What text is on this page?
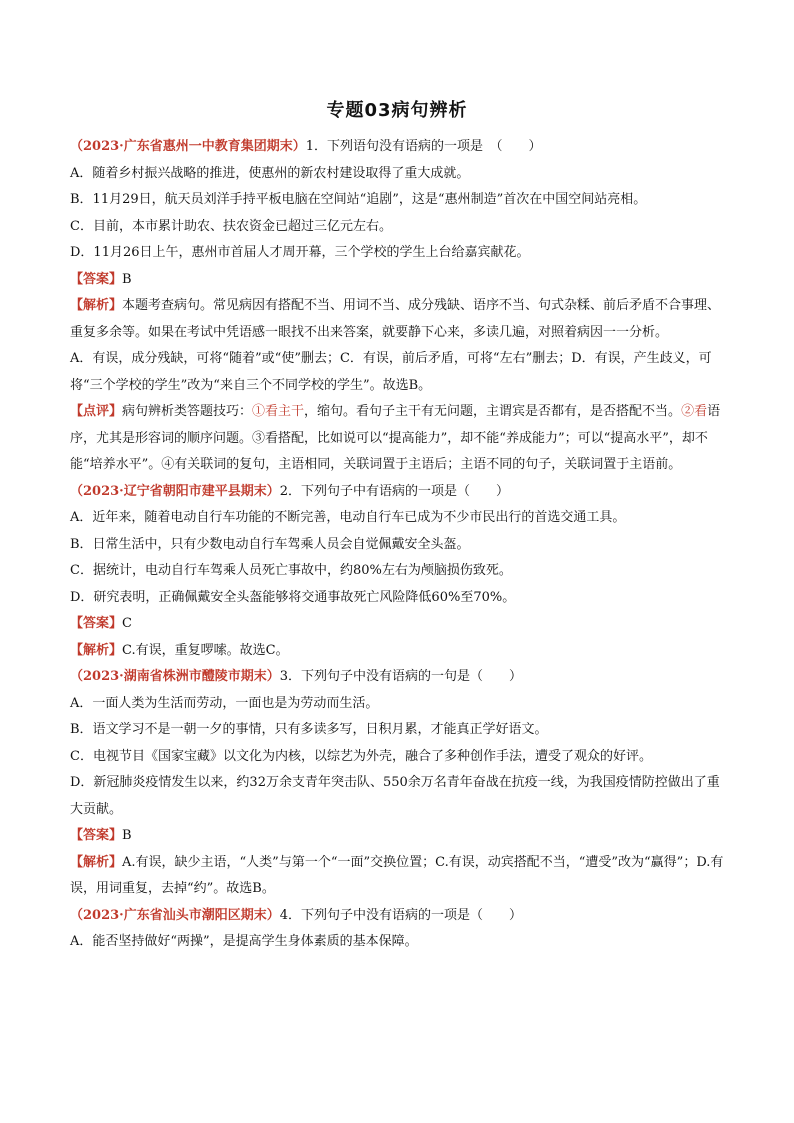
专题03病句辨析

（2023·广东省惠州一中教育集团期末）1．下列语句没有语病的一项是　（　　）

A．随着乡村振兴战略的推进，使惠州的新农村建设取得了重大成就。

B．11月29日，航天员刘洋手持平板电脑在空间站“追剧”，这是“惠州制造”首次在中国空间站亮相。

C．目前，本市累计助农、扶农资金已超过三亿元左右。

D．11月26日上午，惠州市首届人才周开幕，三个学校的学生上台给嘉宾献花。

【答案】B

【解析】本题考查病句。常见病因有搭配不当、用词不当、成分残缺、语序不当、句式杂糅、前后矛盾不合事理、重复多余等。如果在考试中凭语感一眼找不出来答案，就要静下心来，多读几遍，对照着病因一一分析。

A．有误，成分残缺，可将“随着”或“使”删去；C．有误，前后矛盾，可将“左右”删去；D．有误，产生歧义，可将“三个学校的学生”改为“来自三个不同学校的学生”。故选B。

【点评】病句辨析类答题技巧：①看主干，缩句。看句子主干有无问题，主谓宾是否都有，是否搭配不当。②看语序，尤其是形容词的顺序问题。③看搭配，比如说可以“提高能力”，却不能“养成能力”；可以“提高水平”，却不能“培养水平”。④有关联词的复句，主语相同，关联词置于主语后；主语不同的句子，关联词置于主语前。

（2023·辽宁省朝阳市建平县期末）2．下列句子中有语病的一项是（　　）

A．近年来，随着电动自行车功能的不断完善，电动自行车已成为不少市民出行的首选交通工具。

B．日常生活中，只有少数电动自行车驾乘人员会自觉佩戴安全头盔。

C．据统计，电动自行车驾乘人员死亡事故中，约80%左右为颅脑损伤致死。

D．研究表明，正确佩戴安全头盔能够将交通事故死亡风险降低60%至70%。

【答案】C

【解析】C.有误，重复啰嗦。故选C。

（2023·湖南省株洲市醴陵市期末）3．下列句子中没有语病的一句是（　　）

A．一面人类为生活而劳动，一面也是为劳动而生活。

B．语文学习不是一朝一夕的事情，只有多读多写，日积月累，才能真正学好语文。

C．电视节目《国家宝藏》以文化为内核，以综艺为外壳，融合了多种创作手法，遭受了观众的好评。

D．新冠肺炎疫情发生以来，约32万余支青年突击队、550余万名青年奋战在抗疫一线，为我国疫情防控做出了重大贡献。

【答案】B

【解析】A.有误，缺少主语，“人类”与第一个“一面”交换位置；C.有误，动宾搭配不当，“遭受”改为“赢得”；D.有误，用词重复，去掉“约”。故选B。

（2023·广东省汕头市潮阳区期末）4．下列句子中没有语病的一项是（　　）

A．能否坚持做好“两操”，是提高学生身体素质的基本保障。
